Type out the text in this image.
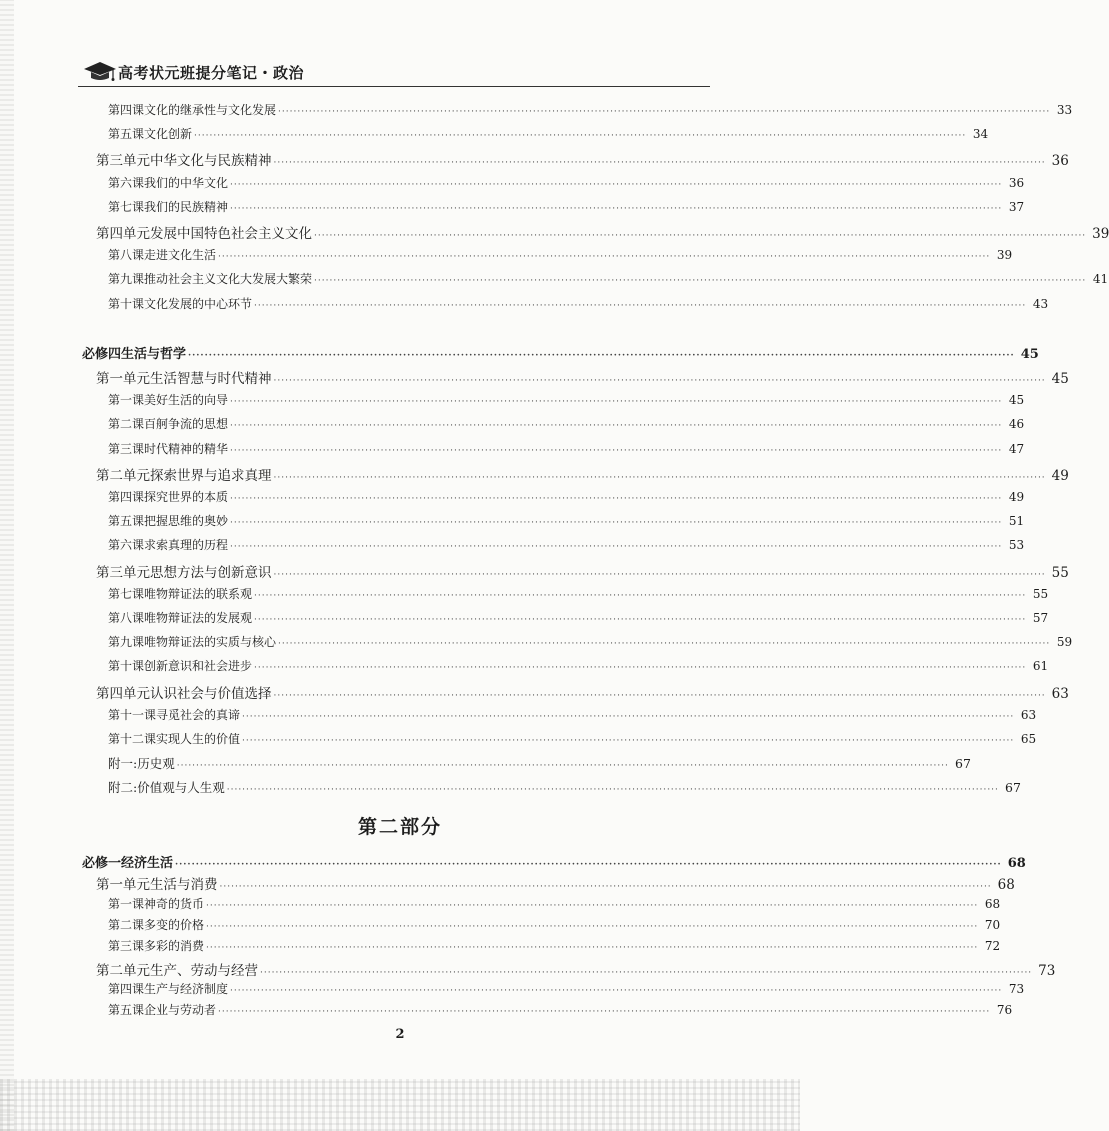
高考状元班提分笔记・政治
第四课 文化的继承性与文化发展 ········································································································································································································ 33
第五课 文化创新 ········································································································································································································ 34
第三单元 中华文化与民族精神 ········································································································································································································ 36
第六课 我们的中华文化 ········································································································································································································ 36
第七课 我们的民族精神 ········································································································································································································ 37
第四单元 发展中国特色社会主义文化 ········································································································································································································ 39
第八课 走进文化生活 ········································································································································································································ 39
第九课 推动社会主义文化大发展大繁荣 ········································································································································································································ 41
第十课 文化发展的中心环节 ········································································································································································································ 43
必修四 生活与哲学 ········································································································································································································ 45
第一单元 生活智慧与时代精神 ········································································································································································································ 45
第一课 美好生活的向导 ········································································································································································································ 45
第二课 百舸争流的思想 ········································································································································································································ 46
第三课 时代精神的精华 ········································································································································································································ 47
第二单元 探索世界与追求真理 ········································································································································································································ 49
第四课 探究世界的本质 ········································································································································································································ 49
第五课 把握思维的奥妙 ········································································································································································································ 51
第六课 求索真理的历程 ········································································································································································································ 53
第三单元 思想方法与创新意识 ········································································································································································································ 55
第七课 唯物辩证法的联系观 ········································································································································································································ 55
第八课 唯物辩证法的发展观 ········································································································································································································ 57
第九课 唯物辩证法的实质与核心 ········································································································································································································ 59
第十课 创新意识和社会进步 ········································································································································································································ 61
第四单元 认识社会与价值选择 ········································································································································································································ 63
第十一课 寻觅社会的真谛 ········································································································································································································ 63
第十二课 实现人生的价值 ········································································································································································································ 65
附一: 历史观 ········································································································································································································ 67
附二: 价值观与人生观 ········································································································································································································ 67
第二部分
必修一 经济生活 ········································································································································································································ 68
第一单元 生活与消费 ········································································································································································································ 68
第一课 神奇的货币 ········································································································································································································ 68
第二课 多变的价格 ········································································································································································································ 70
第三课 多彩的消费 ········································································································································································································ 72
第二单元 生产、劳动与经营 ········································································································································································································ 73
第四课 生产与经济制度 ········································································································································································································ 73
第五课 企业与劳动者 ········································································································································································································ 76
2
